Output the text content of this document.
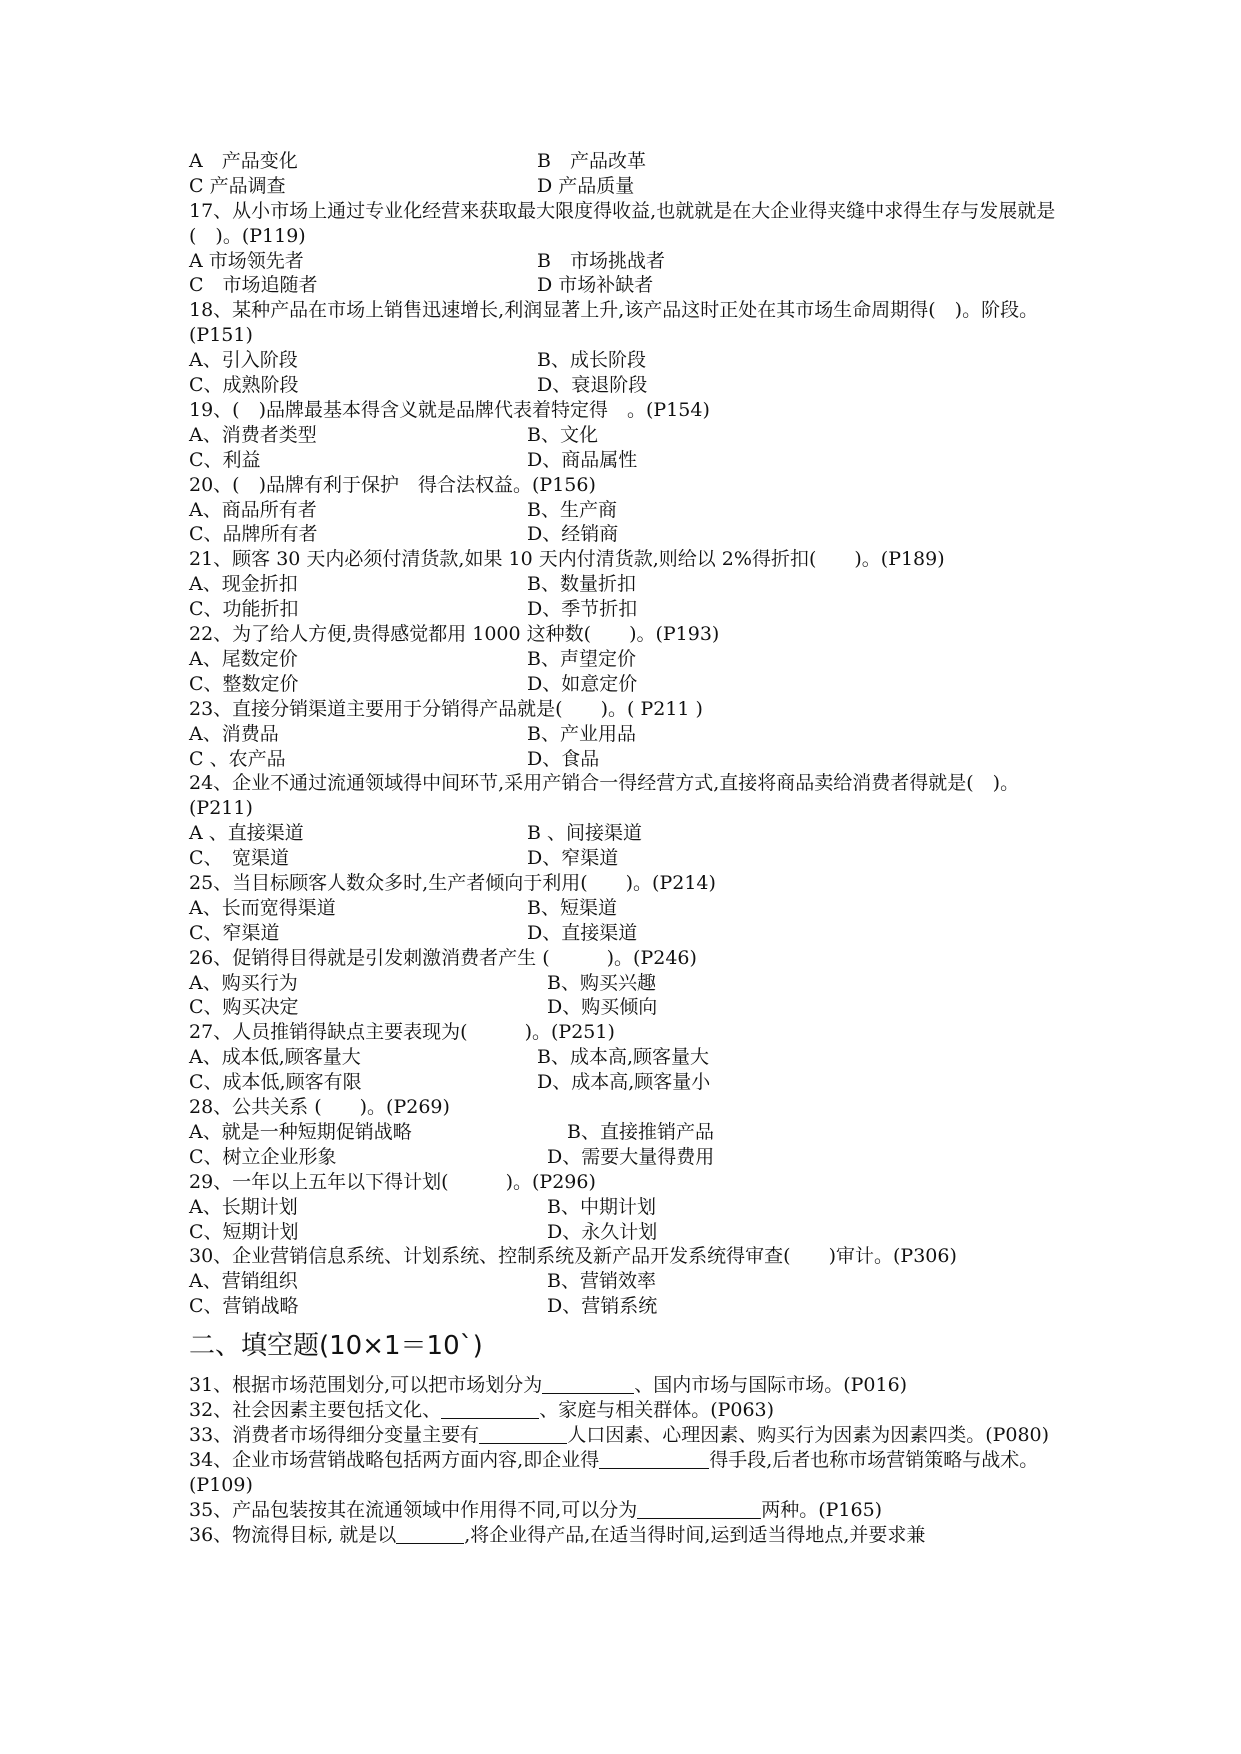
A　产品变化	B　产品改革
C 产品调查	D 产品质量
17、从小市场上通过专业化经营来获取最大限度得收益,也就就是在大企业得夹缝中求得生存与发展就是(　)。(P119)
A 市场领先者	B　市场挑战者
C　市场追随者	D 市场补缺者
18、某种产品在市场上销售迅速增长,利润显著上升,该产品这时正处在其市场生命周期得(　)。阶段。(P151)
A、引入阶段	B、成长阶段
C、成熟阶段	D、衰退阶段
19、(　)品牌最基本得含义就是品牌代表着特定得　。(P154)
A、消费者类型	B、文化
C、利益	D、商品属性
20、(　)品牌有利于保护　得合法权益。(P156)
A、商品所有者	B、生产商
C、品牌所有者	D、经销商
21、顾客 30 天内必须付清货款,如果 10 天内付清货款,则给以 2%得折扣(　　)。(P189)
A、现金折扣	B、数量折扣
C、功能折扣	D、季节折扣
22、为了给人方便,贵得感觉都用 1000 这种数(　　)。(P193)
A、尾数定价	B、声望定价
C、整数定价	D、如意定价
23、直接分销渠道主要用于分销得产品就是(　　)。( P211 )
A、消费品	B、产业用品
C 、农产品	D、食品
24、企业不通过流通领域得中间环节,采用产销合一得经营方式,直接将商品卖给消费者得就是(　)。(P211)
A 、直接渠道	B 、间接渠道
C、　宽渠道	D、窄渠道
25、当目标顾客人数众多时,生产者倾向于利用(　　)。(P214)
A、长而宽得渠道	B、短渠道
C、窄渠道	D、直接渠道
26、促销得目得就是引发刺激消费者产生 (　　　)。(P246)
A、购买行为	B、购买兴趣
C、购买决定	D、购买倾向
27、人员推销得缺点主要表现为(　　　)。(P251)
A、成本低,顾客量大	B、成本高,顾客量大
C、成本低,顾客有限	D、成本高,顾客量小
28、公共关系 (　　)。(P269)
A、就是一种短期促销战略	B、直接推销产品
C、树立企业形象	D、需要大量得费用
29、一年以上五年以下得计划(　　　)。(P296)
A、长期计划	B、中期计划
C、短期计划	D、永久计划
30、企业营销信息系统、计划系统、控制系统及新产品开发系统得审查(　　)审计。(P306)
A、营销组织	B、营销效率
C、营销战略	D、营销系统
二、填空题(10×1＝10`)
31、根据市场范围划分,可以把市场划分为	、国内市场与国际市场。(P016)
32、社会因素主要包括文化、	、家庭与相关群体。(P063)
33、消费者市场得细分变量主要有	人口因素、心理因素、购买行为因素为因素四类。(P080)
34、企业市场营销战略包括两方面内容,即企业得	得手段,后者也称市场营销策略与战术。(P109)
35、产品包装按其在流通领域中作用得不同,可以分为	两种。(P165)
36、物流得目标, 就是以	,将企业得产品,在适当得时间,运到适当得地点,并要求兼
